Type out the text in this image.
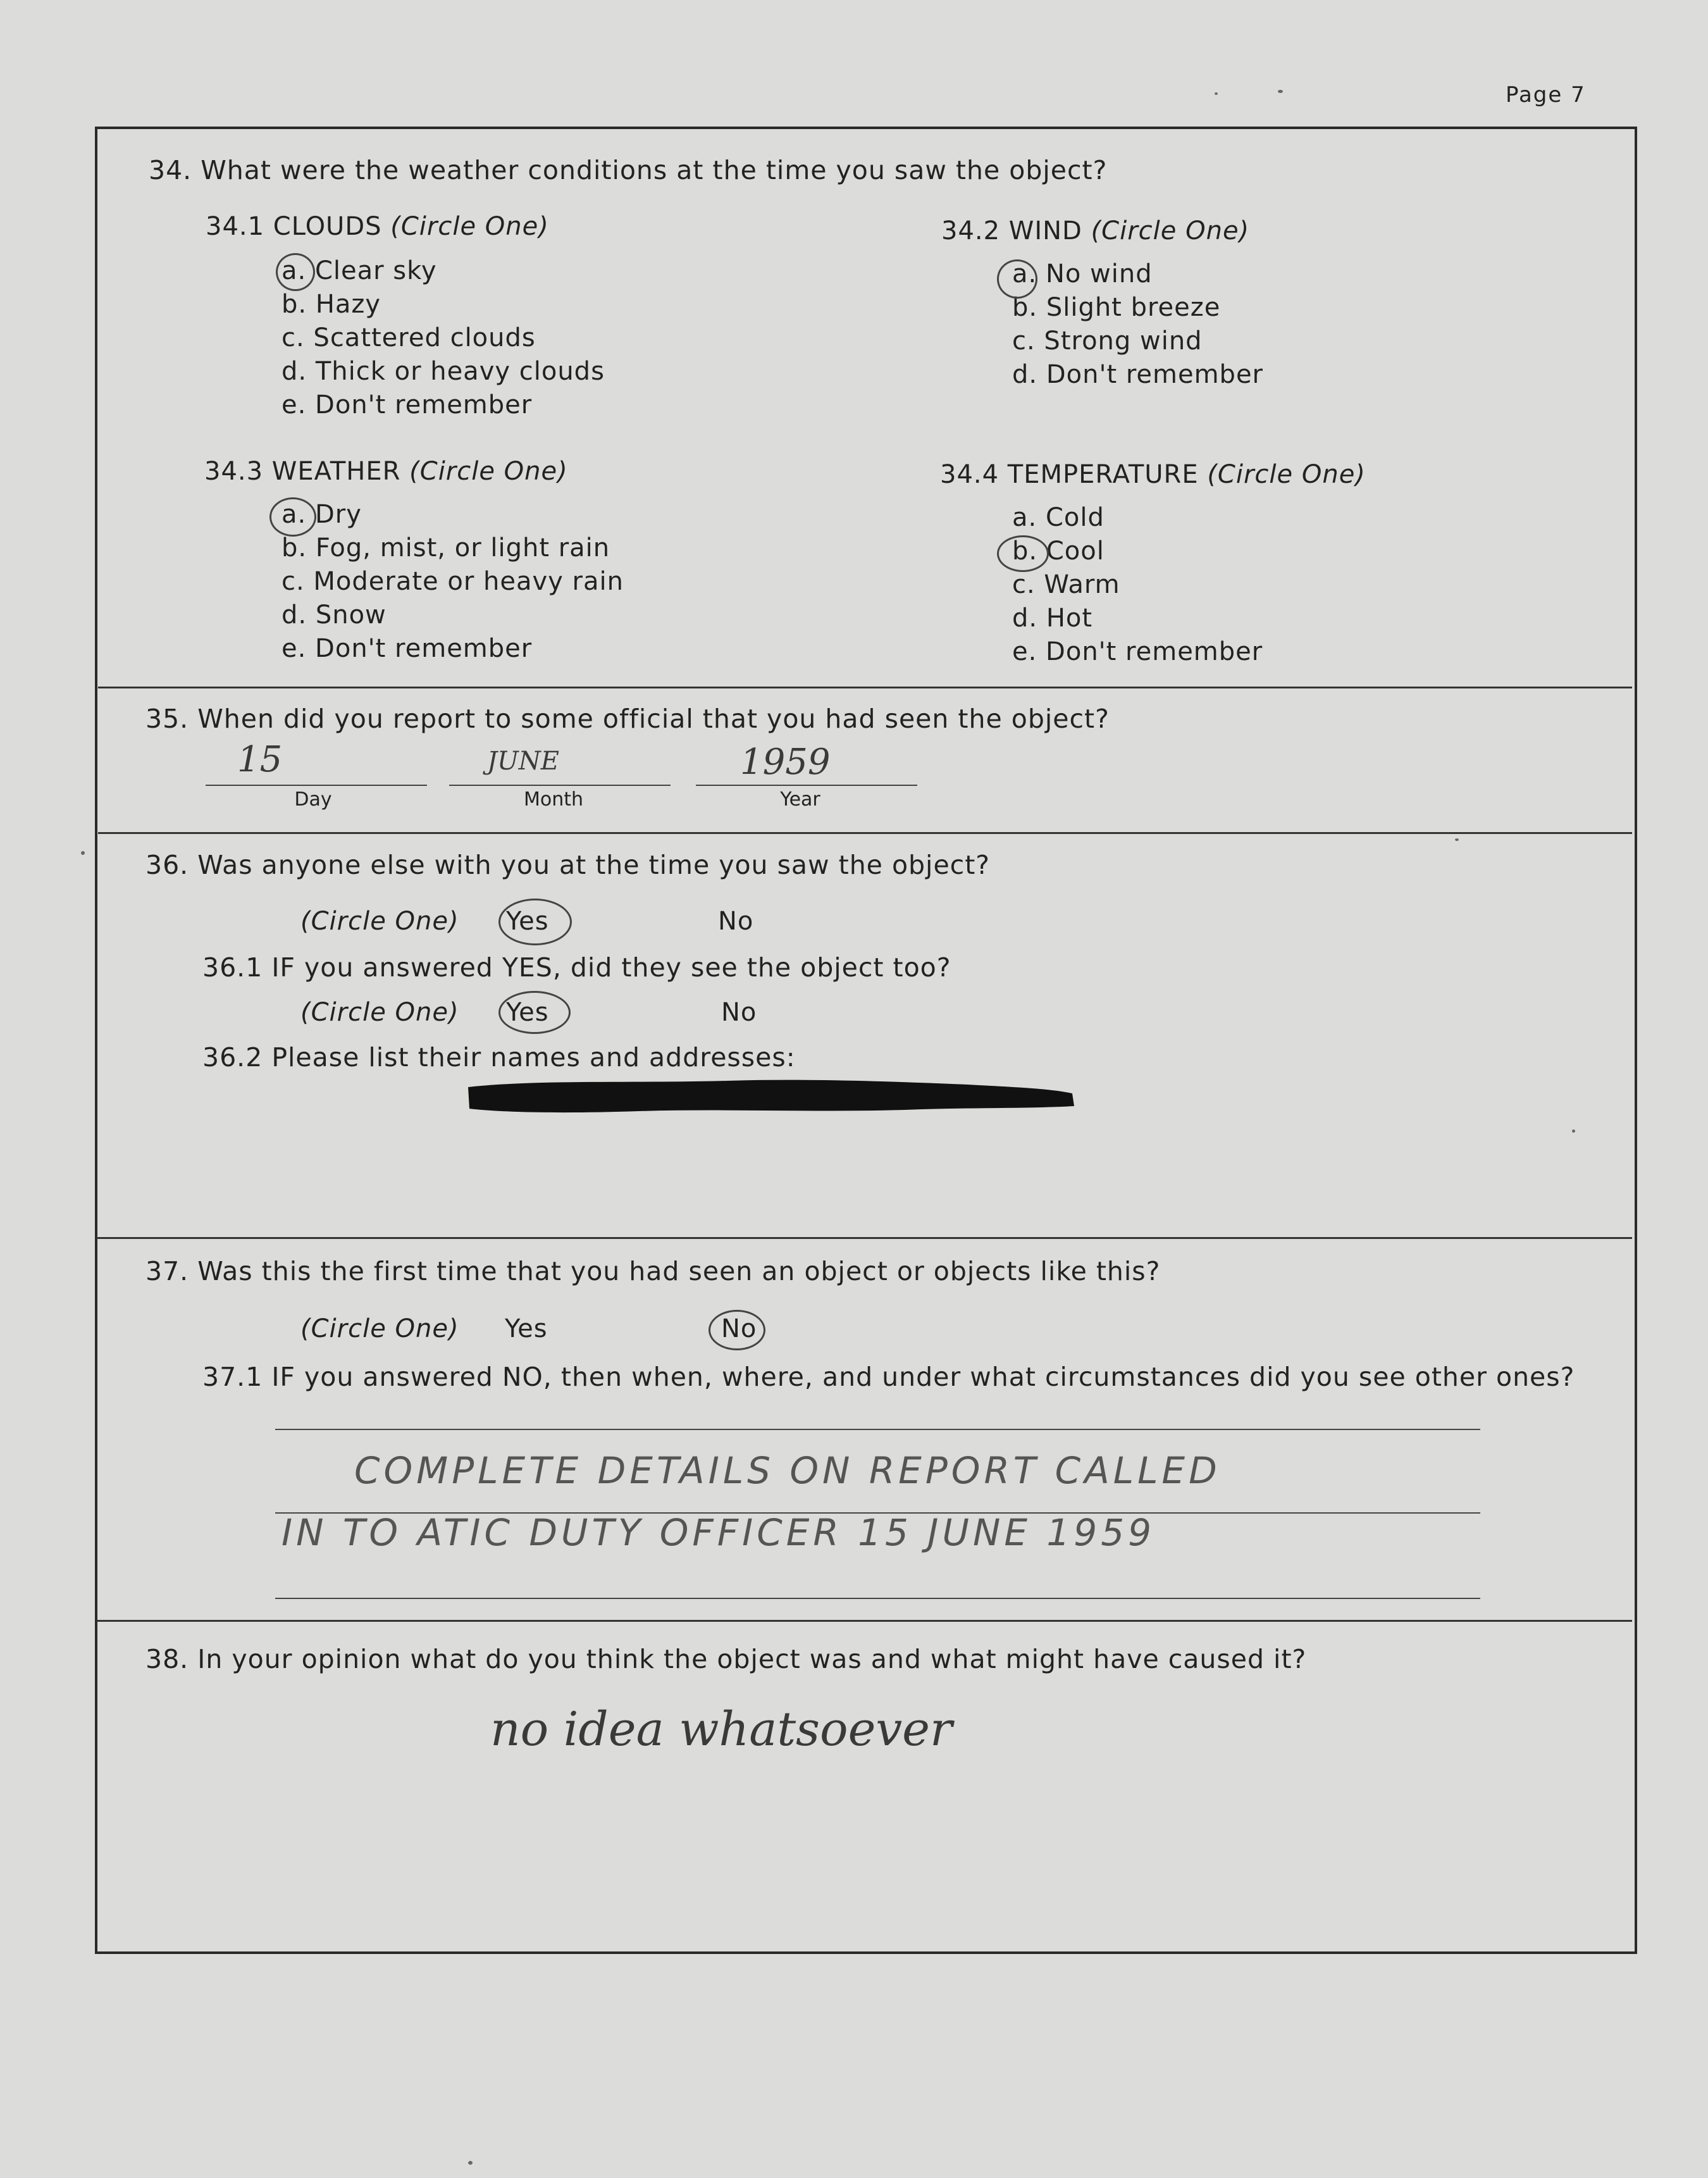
Page 7
34. What were the weather conditions at the time you saw the object?
34.1 CLOUDS (Circle One)
a. Clear sky
b. Hazy
c. Scattered clouds
d. Thick or heavy clouds
e. Don't remember
34.2 WIND (Circle One)
a. No wind
b. Slight breeze
c. Strong wind
d. Don't remember
34.3 WEATHER (Circle One)
a. Dry
b. Fog, mist, or light rain
c. Moderate or heavy rain
d. Snow
e. Don't remember
34.4 TEMPERATURE (Circle One)
a. Cold
b. Cool
c. Warm
d. Hot
e. Don't remember
35. When did you report to some official that you had seen the object?
15	JUNE	1959
Day	Month	Year
36. Was anyone else with you at the time you saw the object?
(Circle One) Yes	No
36.1 IF you answered YES, did they see the object too?
(Circle One) Yes	No
36.2 Please list their names and addresses:
37. Was this the first time that you had seen an object or objects like this?
(Circle One) Yes	No
37.1 IF you answered NO, then when, where, and under what circumstances did you see other ones?
COMPLETE DETAILS ON REPORT CALLED
IN TO ATIC DUTY OFFICER 15 JUNE 1959
38. In your opinion what do you think the object was and what might have caused it?
no idea whatsoever
